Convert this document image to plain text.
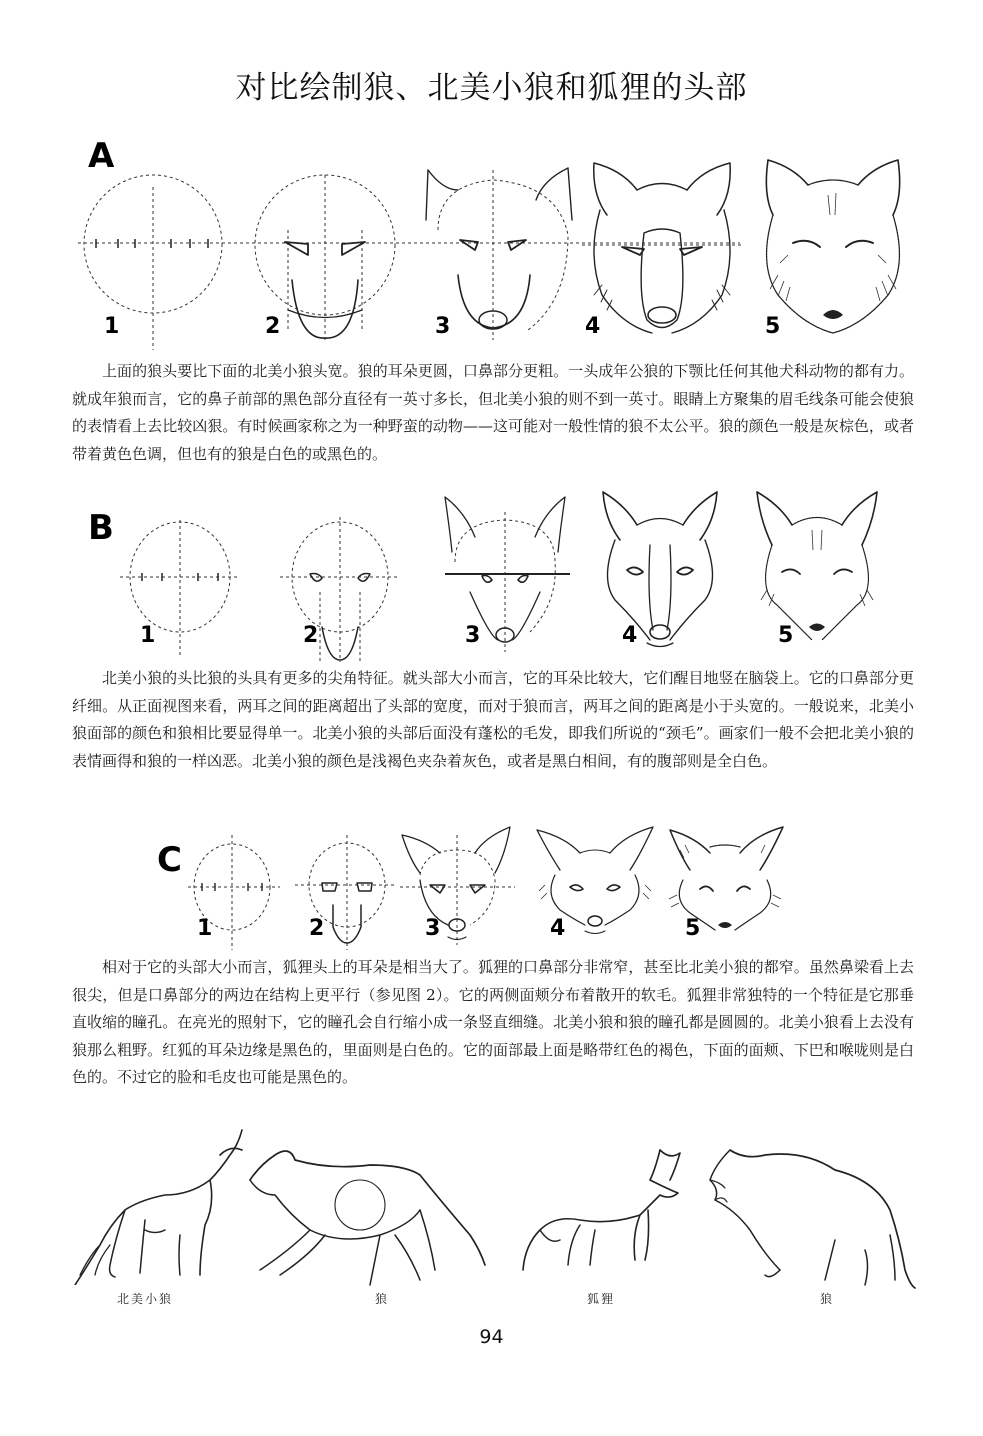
对比绘制狼、北美小狼和狐狸的头部
A
1	2	3	4	5

上面的狼头要比下面的北美小狼头宽。狼的耳朵更圆，口鼻部分更粗。一头成年公狼的下颚比任何其他犬科动物的都有力。就成年狼而言，它的鼻子前部的黑色部分直径有一英寸多长，但北美小狼的则不到一英寸。眼睛上方聚集的眉毛线条可能会使狼的表情看上去比较凶狠。有时候画家称之为一种野蛮的动物——这可能对一般性情的狼不太公平。狼的颜色一般是灰棕色，或者带着黄色色调，但也有的狼是白色的或黑色的。

B
1	2	3	4	5

北美小狼的头比狼的头具有更多的尖角特征。就头部大小而言，它的耳朵比较大，它们醒目地竖在脑袋上。它的口鼻部分更纤细。从正面视图来看，两耳之间的距离超出了头部的宽度，而对于狼而言，两耳之间的距离是小于头宽的。一般说来，北美小狼面部的颜色和狼相比要显得单一。北美小狼的头部后面没有蓬松的毛发，即我们所说的“颈毛”。画家们一般不会把北美小狼的表情画得和狼的一样凶恶。北美小狼的颜色是浅褐色夹杂着灰色，或者是黑白相间，有的腹部则是全白色。

C
1	2	3	4	5

相对于它的头部大小而言，狐狸头上的耳朵是相当大了。狐狸的口鼻部分非常窄，甚至比北美小狼的都窄。虽然鼻梁看上去很尖，但是口鼻部分的两边在结构上更平行（参见图 2）。它的两侧面颊分布着散开的软毛。狐狸非常独特的一个特征是它那垂直收缩的瞳孔。在亮光的照射下，它的瞳孔会自行缩小成一条竖直细缝。北美小狼和狼的瞳孔都是圆圆的。北美小狼看上去没有狼那么粗野。红狐的耳朵边缘是黑色的，里面则是白色的。它的面部最上面是略带红色的褐色，下面的面颊、下巴和喉咙则是白色的。不过它的脸和毛皮也可能是黑色的。

北美小狼	狼	狐狸	狼
94
